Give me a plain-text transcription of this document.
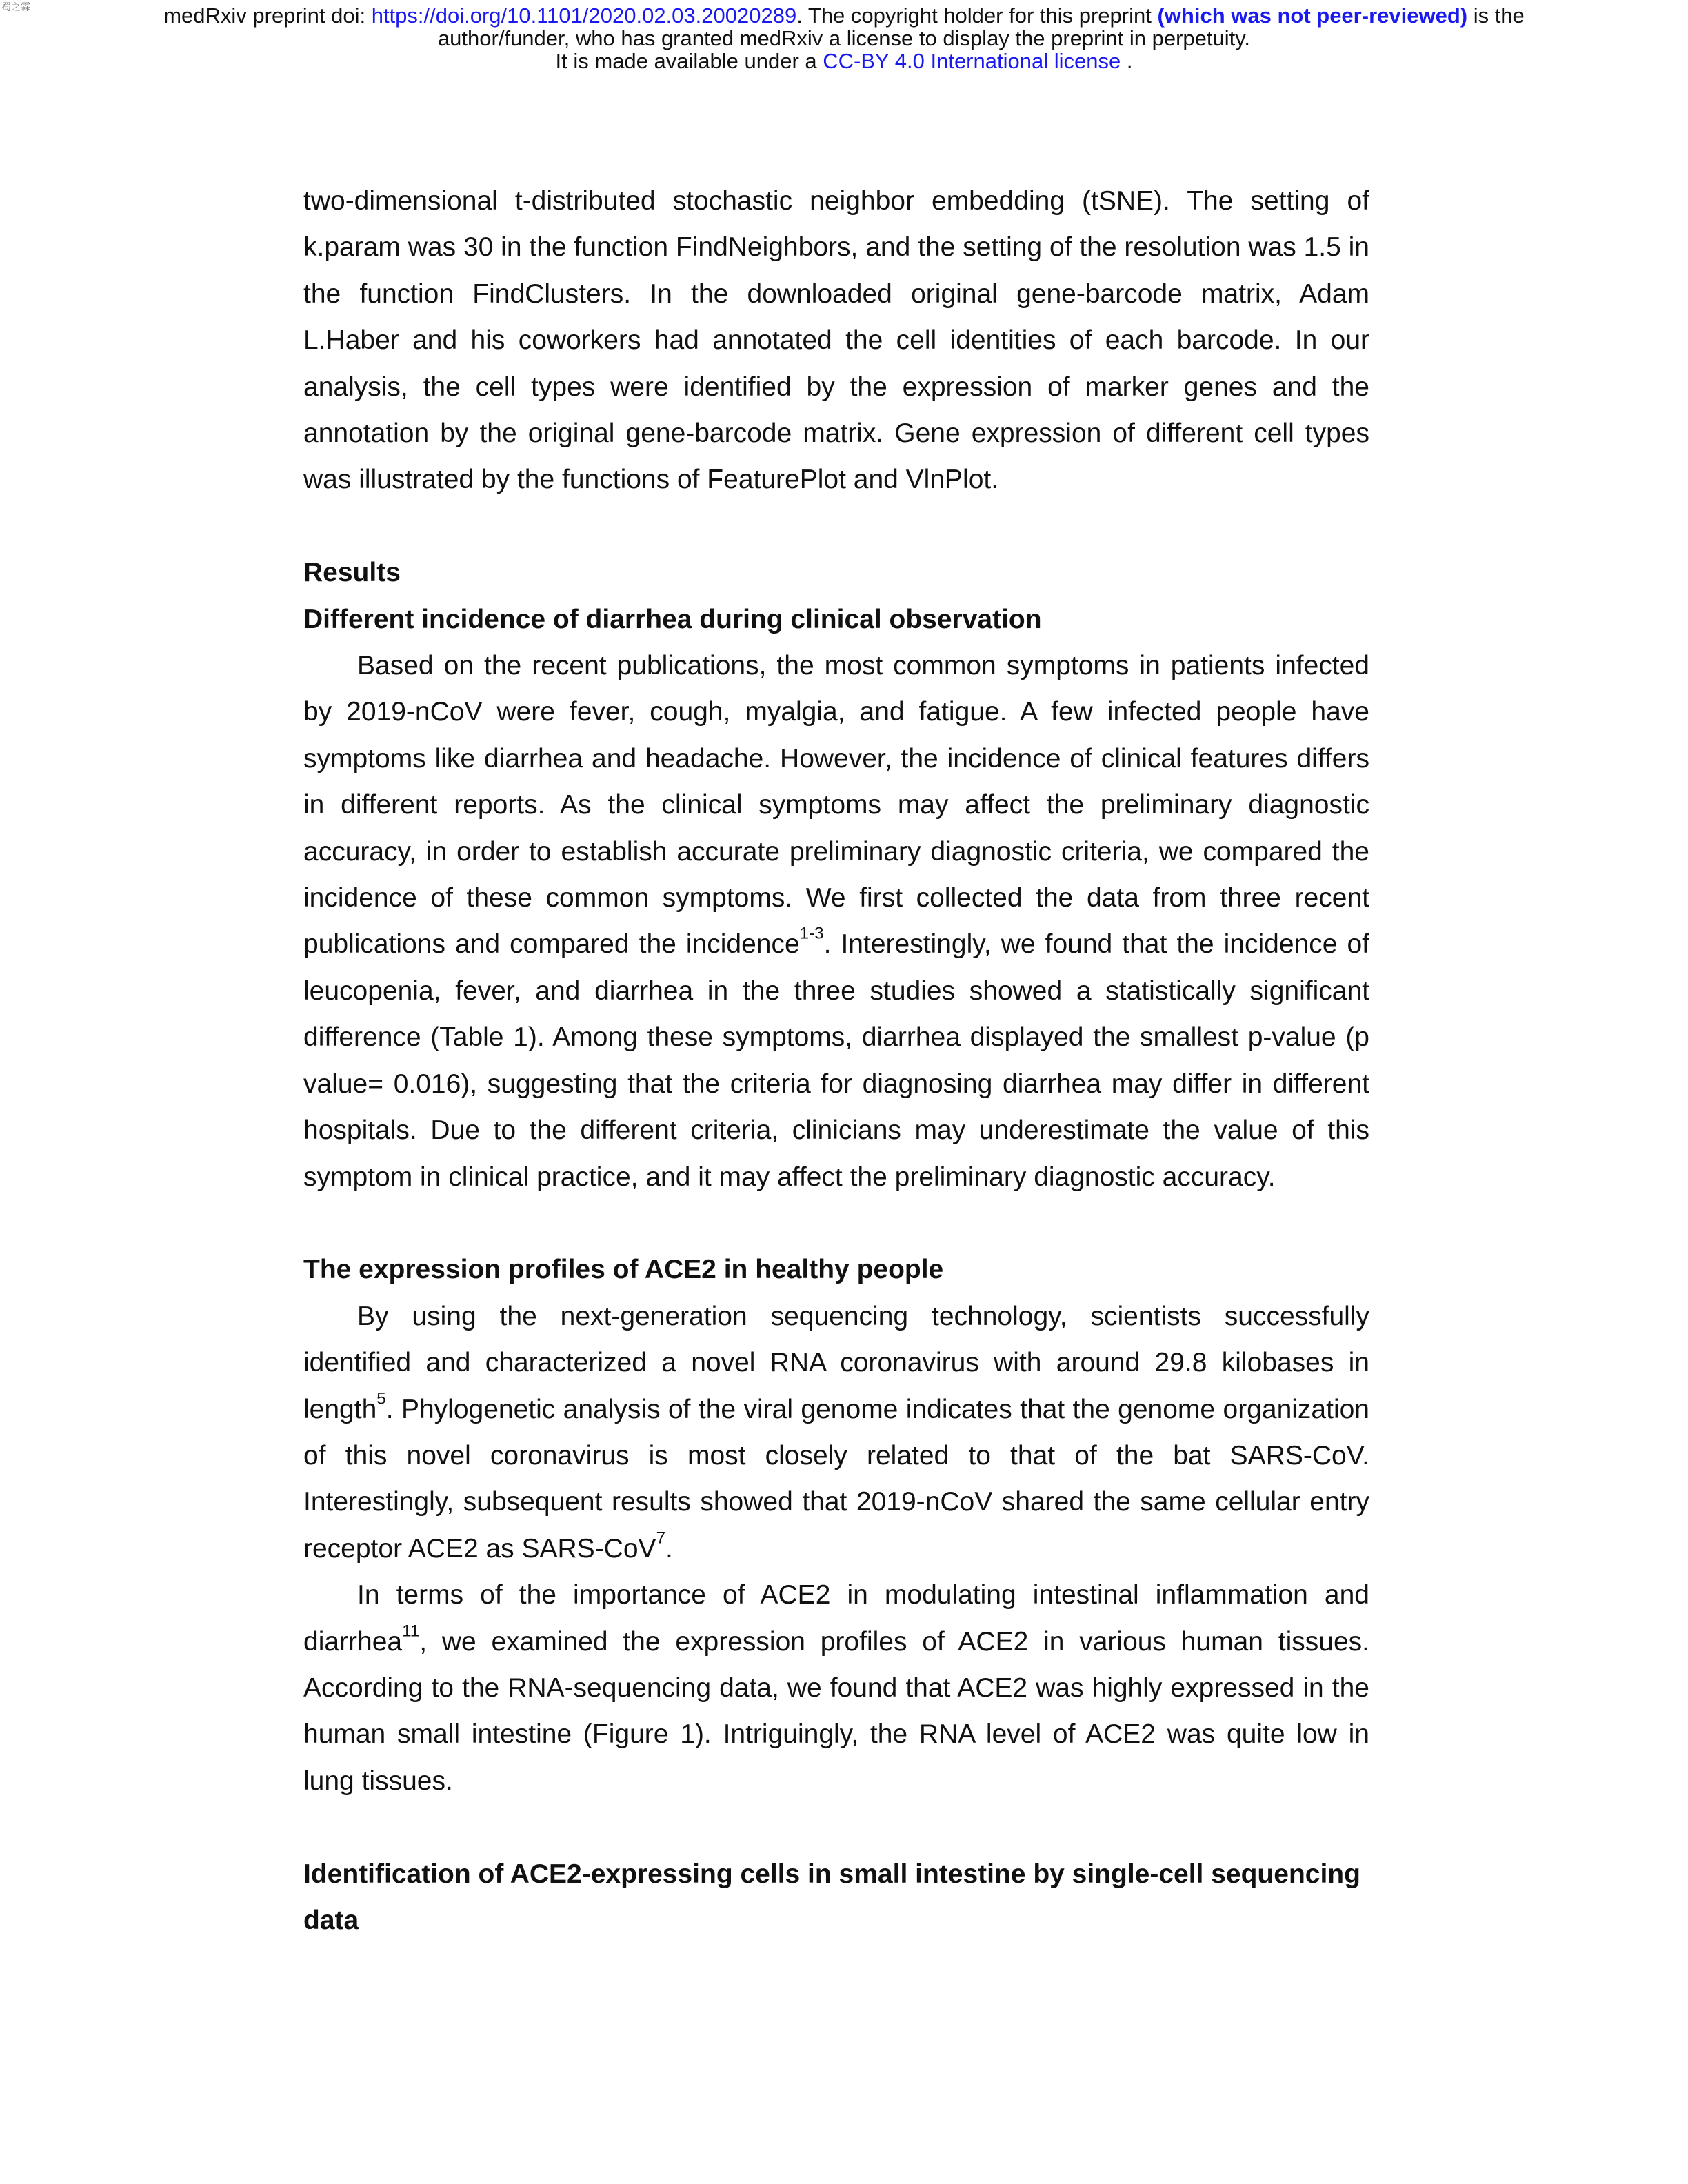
蜀之霖	medRxiv preprint doi: https://doi.org/10.1101/2020.02.03.20020289. The copyright holder for this preprint (which was not peer-reviewed) is the
author/funder, who has granted medRxiv a license to display the preprint in perpetuity.
It is made available under a CC-BY 4.0 International license .

two-dimensional t-distributed stochastic neighbor embedding (tSNE). The setting of k.param was 30 in the function FindNeighbors, and the setting of the resolution was 1.5 in the function FindClusters. In the downloaded original gene-barcode matrix, Adam L.Haber and his coworkers had annotated the cell identities of each barcode. In our analysis, the cell types were identified by the expression of marker genes and the annotation by the original gene-barcode matrix. Gene expression of different cell types was illustrated by the functions of FeaturePlot and VlnPlot.

Results
Different incidence of diarrhea during clinical observation

Based on the recent publications, the most common symptoms in patients infected by 2019-nCoV were fever, cough, myalgia, and fatigue. A few infected people have symptoms like diarrhea and headache. However, the incidence of clinical features differs in different reports. As the clinical symptoms may affect the preliminary diagnostic accuracy, in order to establish accurate preliminary diagnostic criteria, we compared the incidence of these common symptoms. We first collected the data from three recent publications and compared the incidence$^{1-3}$. Interestingly, we found that the incidence of leucopenia, fever, and diarrhea in the three studies showed a statistically significant difference (Table 1). Among these symptoms, diarrhea displayed the smallest p-value (p value= 0.016), suggesting that the criteria for diagnosing diarrhea may differ in different hospitals. Due to the different criteria, clinicians may underestimate the value of this symptom in clinical practice, and it may affect the preliminary diagnostic accuracy.

The expression profiles of ACE2 in healthy people

By using the next-generation sequencing technology, scientists successfully identified and characterized a novel RNA coronavirus with around 29.8 kilobases in length$^5$. Phylogenetic analysis of the viral genome indicates that the genome organization of this novel coronavirus is most closely related to that of the bat SARS-CoV. Interestingly, subsequent results showed that 2019-nCoV shared the same cellular entry receptor ACE2 as SARS-CoV$^7$.

In terms of the importance of ACE2 in modulating intestinal inflammation and diarrhea$^{11}$, we examined the expression profiles of ACE2 in various human tissues. According to the RNA-sequencing data, we found that ACE2 was highly expressed in the human small intestine (Figure 1). Intriguingly, the RNA level of ACE2 was quite low in lung tissues.

Identification of ACE2-expressing cells in small intestine by single-cell sequencing data
